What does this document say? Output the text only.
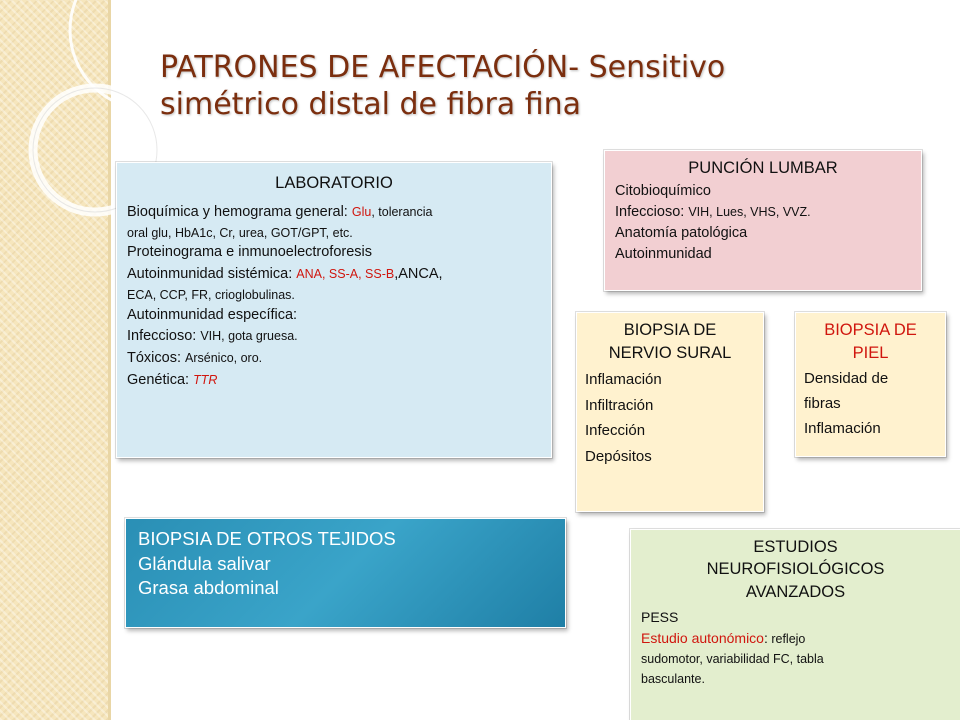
PATRONES DE AFECTACIÓN- Sensitivo
simétrico distal de fibra fina
LABORATORIO
Bioquímica y hemograma general: Glu, tolerancia
oral glu, HbA1c, Cr, urea, GOT/GPT, etc.
Proteinograma e inmunoelectroforesis
Autoinmunidad sistémica: ANA, SS-A, SS-B,ANCA,
ECA, CCP, FR, crioglobulinas.
Autoinmunidad específica:
Infeccioso: VIH, gota gruesa.
Tóxicos: Arsénico, oro.
Genética: TTR
PUNCIÓN LUMBAR
Citobioquímico
Infeccioso: VIH, Lues, VHS, VVZ.
Anatomía patológica
Autoinmunidad
BIOPSIA DE
NERVIO SURAL
Inflamación
Infiltración
Infección
Depósitos
BIOPSIA DE
PIEL
Densidad de
fibras
Inflamación
BIOPSIA DE OTROS TEJIDOS
Glándula salivar
Grasa abdominal
ESTUDIOS
NEUROFISIOLÓGICOS
AVANZADOS
PESS
Estudio autonómico: reflejo
sudomotor, variabilidad FC, tabla
basculante.
